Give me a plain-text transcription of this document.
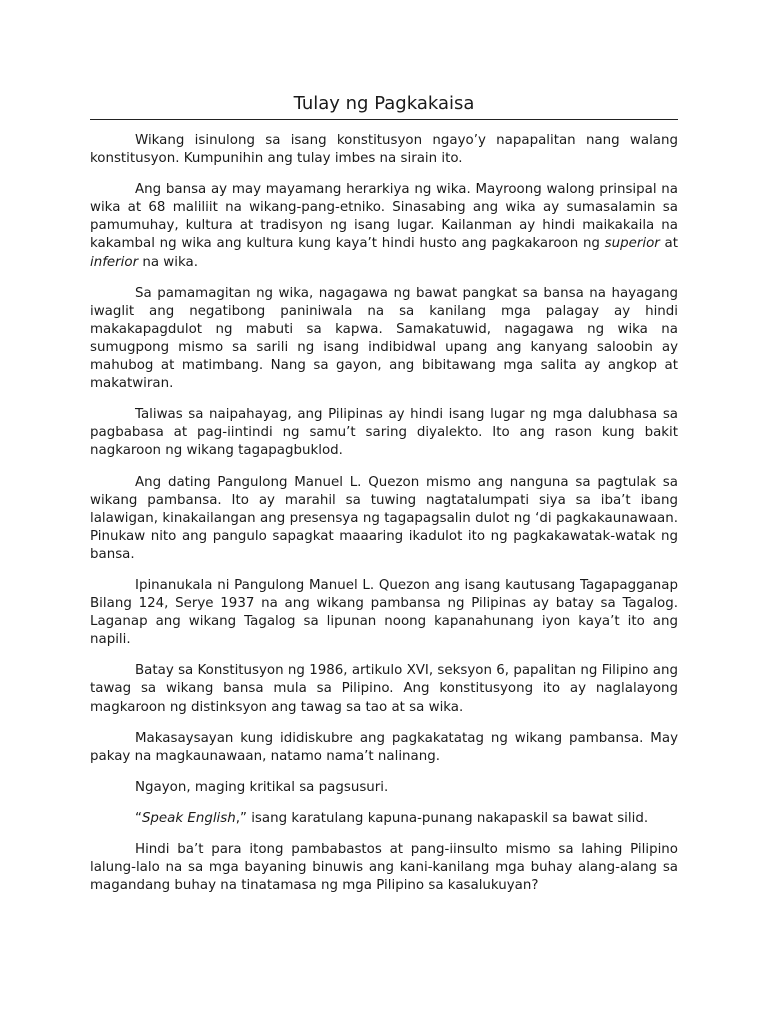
Tulay ng Pagkakaisa

Wikang isinulong sa isang konstitusyon ngayo’y napapalitan nang walang konstitusyon. Kumpunihin ang tulay imbes na sirain ito.

Ang bansa ay may mayamang herarkiya ng wika. Mayroong walong prinsipal na wika at 68 maliliit na wikang-pang-etniko. Sinasabing ang wika ay sumasalamin sa pamumuhay, kultura at tradisyon ng isang lugar. Kailanman ay hindi maikakaila na kakambal ng wika ang kultura kung kaya’t hindi husto ang pagkakaroon ng superior at inferior na wika.

Sa pamamagitan ng wika, nagagawa ng bawat pangkat sa bansa na hayagang iwaglit ang negatibong paniniwala na sa kanilang mga palagay ay hindi makakapagdulot ng mabuti sa kapwa. Samakatuwid, nagagawa ng wika na sumugpong mismo sa sarili ng isang indibidwal upang ang kanyang saloobin ay mahubog at matimbang. Nang sa gayon, ang bibitawang mga salita ay angkop at makatwiran.

Taliwas sa naipahayag, ang Pilipinas ay hindi isang lugar ng mga dalubhasa sa pagbabasa at pag-iintindi ng samu’t saring diyalekto. Ito ang rason kung bakit nagkaroon ng wikang tagapagbuklod.

Ang dating Pangulong Manuel L. Quezon mismo ang nanguna sa pagtulak sa wikang pambansa. Ito ay marahil sa tuwing nagtatalumpati siya sa iba’t ibang lalawigan, kinakailangan ang presensya ng tagapagsalin dulot ng ‘di pagkakaunawaan. Pinukaw nito ang pangulo sapagkat maaaring ikadulot ito ng pagkakawatak-watak ng bansa.

Ipinanukala ni Pangulong Manuel L. Quezon ang isang kautusang Tagapagganap Bilang 124, Serye 1937 na ang wikang pambansa ng Pilipinas ay batay sa Tagalog. Laganap ang wikang Tagalog sa lipunan noong kapanahunang iyon kaya’t ito ang napili.

Batay sa Konstitusyon ng 1986, artikulo XVI, seksyon 6, papalitan ng Filipino ang tawag sa wikang bansa mula sa Pilipino. Ang konstitusyong ito ay naglalayong magkaroon ng distinksyon ang tawag sa tao at sa wika.

Makasaysayan kung ididiskubre ang pagkakatatag ng wikang pambansa. May pakay na magkaunawaan, natamo nama’t nalinang.

Ngayon, maging kritikal sa pagsusuri.

“Speak English,” isang karatulang kapuna-punang nakapaskil sa bawat silid.

Hindi ba’t para itong pambabastos at pang-iinsulto mismo sa lahing Pilipino lalung-lalo na sa mga bayaning binuwis ang kani-kanilang mga buhay alang-alang sa magandang buhay na tinatamasa ng mga Pilipino sa kasalukuyan?
